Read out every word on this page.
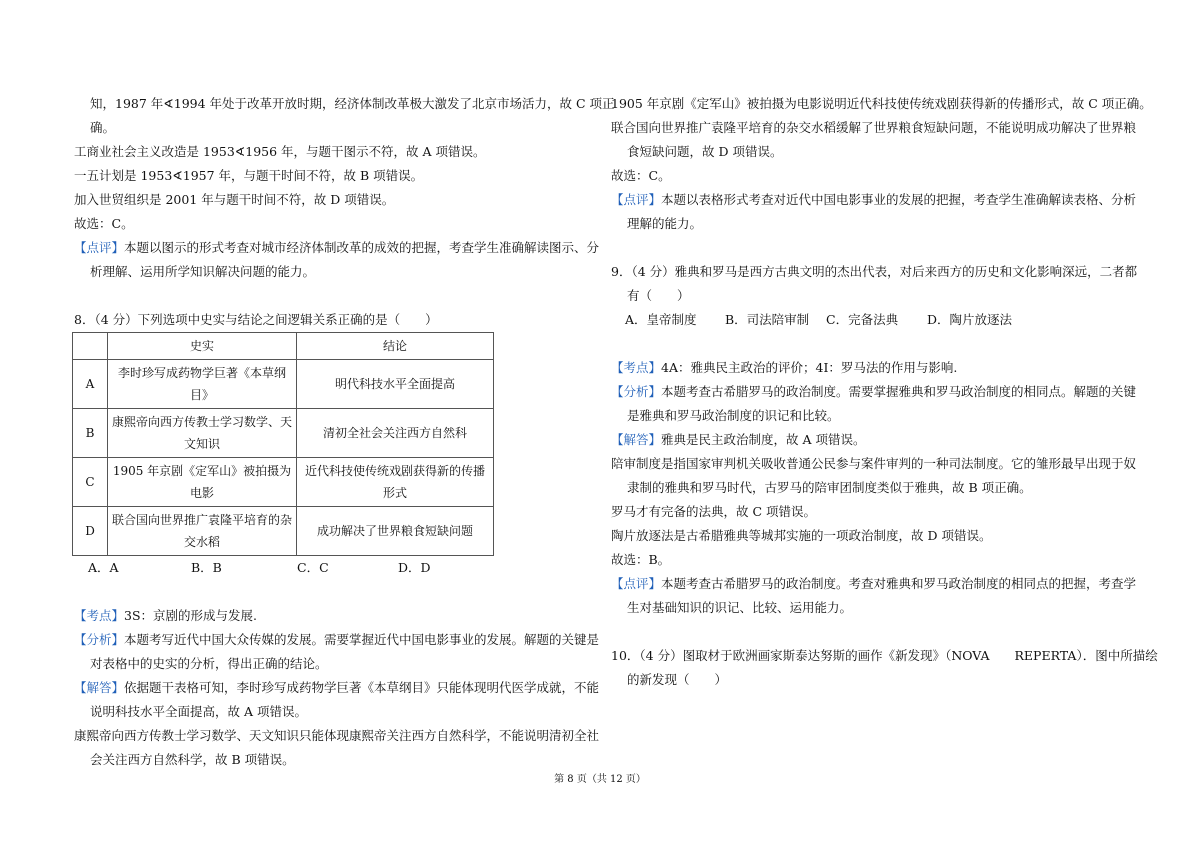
知，1987 年∢1994 年处于改革开放时期，经济体制改革极大激发了北京市场活力，故 C 项正
确。
工商业社会主义改造是 1953∢1956 年，与题干图示不符，故 A 项错误。
一五计划是 1953∢1957 年，与题干时间不符，故 B 项错误。
加入世贸组织是 2001 年与题干时间不符，故 D 项错误。
故选：C。
【点评】本题以图示的形式考查对城市经济体制改革的成效的把握，考查学生准确解读图示、分
析理解、运用所学知识解决问题的能力。
8．（4 分）下列选项中史实与结论之间逻辑关系正确的是（　　）
	史实	结论
A	李时珍写成药物学巨著《本草纲目》	明代科技水平全面提高
B	康熙帝向西方传教士学习数学、天文知识	清初全社会关注西方自然科
C	1905 年京剧《定军山》被拍摄为电影	近代科技使传统戏剧获得新的传播形式
D	联合国向世界推广袁隆平培育的杂交水稻	成功解决了世界粮食短缺问题
A．A	B．B	C．C	D．D
【考点】3S：京剧的形成与发展.
【分析】本题考写近代中国大众传媒的发展。需要掌握近代中国电影事业的发展。解题的关键是
对表格中的史实的分析，得出正确的结论。
【解答】依据题干表格可知，李时珍写成药物学巨著《本草纲目》只能体现明代医学成就，不能
说明科技水平全面提高，故 A 项错误。
康熙帝向西方传教士学习数学、天文知识只能体现康熙帝关注西方自然科学，不能说明清初全社
会关注西方自然科学，故 B 项错误。
1905 年京剧《定军山》被拍摄为电影说明近代科技使传统戏剧获得新的传播形式，故 C 项正确。
联合国向世界推广袁隆平培育的杂交水稻缓解了世界粮食短缺问题，不能说明成功解决了世界粮
食短缺问题，故 D 项错误。
故选：C。
【点评】本题以表格形式考查对近代中国电影事业的发展的把握，考查学生准确解读表格、分析
理解的能力。
9．（4 分）雅典和罗马是西方古典文明的杰出代表，对后来西方的历史和文化影响深远，二者都
有（　　）
A．皇帝制度	B．司法陪审制	C．完备法典	D．陶片放逐法
【考点】4A：雅典民主政治的评价；4I：罗马法的作用与影响.
【分析】本题考查古希腊罗马的政治制度。需要掌握雅典和罗马政治制度的相同点。解题的关键
是雅典和罗马政治制度的识记和比较。
【解答】雅典是民主政治制度，故 A 项错误。
陪审制度是指国家审判机关吸收普通公民参与案件审判的一种司法制度。它的雏形最早出现于奴
隶制的雅典和罗马时代，古罗马的陪审团制度类似于雅典，故 B 项正确。
罗马才有完备的法典，故 C 项错误。
陶片放逐法是古希腊雅典等城邦实施的一项政治制度，故 D 项错误。
故选：B。
【点评】本题考查古希腊罗马的政治制度。考查对雅典和罗马政治制度的相同点的把握，考查学
生对基础知识的识记、比较、运用能力。
10．（4 分）图取材于欧洲画家斯泰达努斯的画作《新发现》（NOVA　　REPERTA）．图中所描绘
的新发现（　　）
第 8 页（共 12 页）
